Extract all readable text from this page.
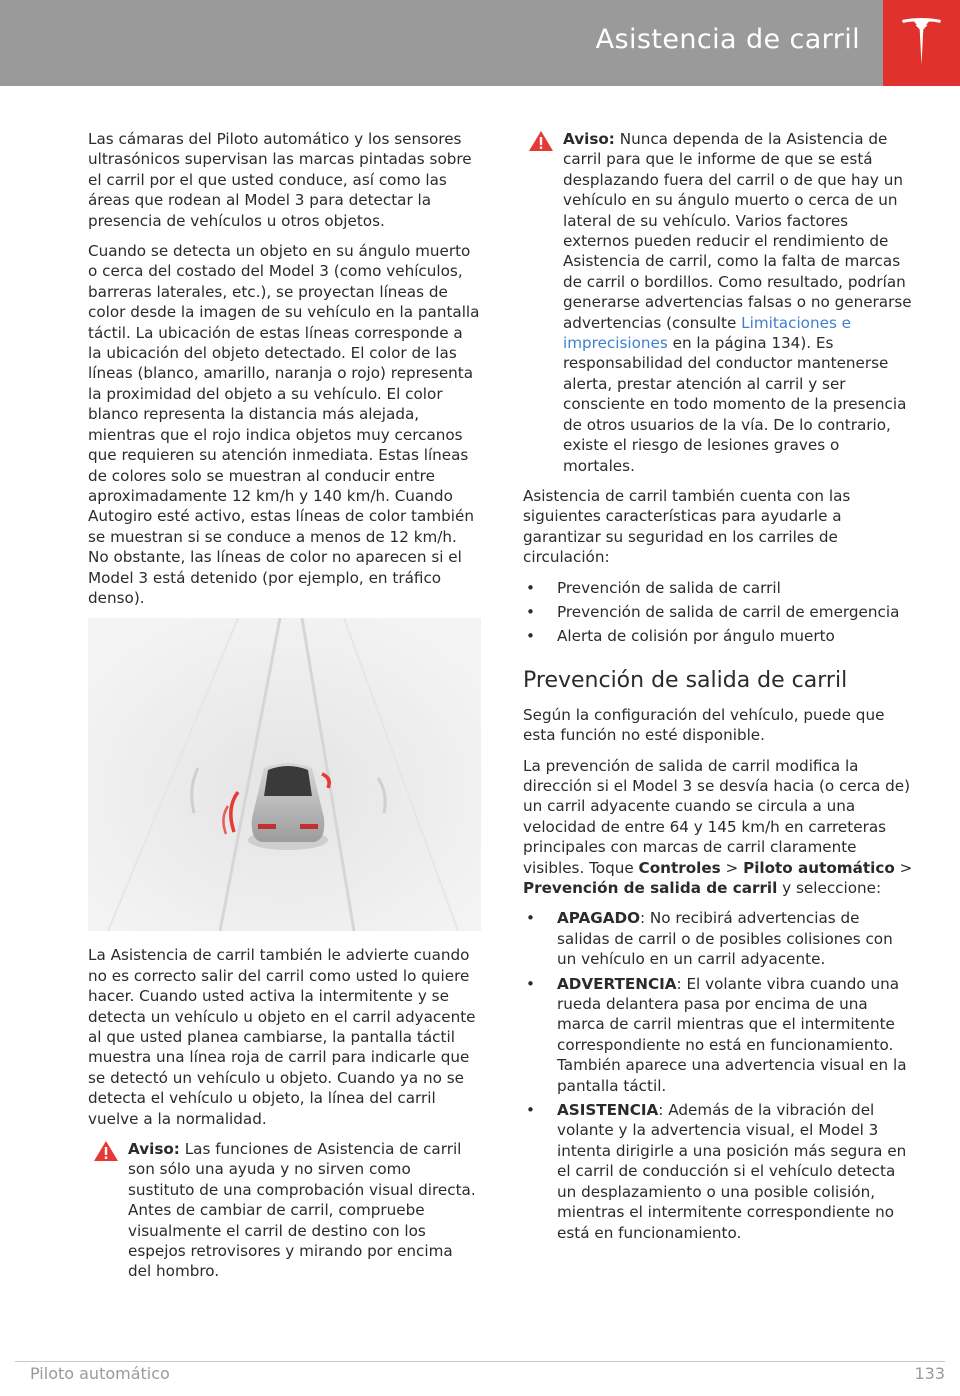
Asistencia de carril

Las cámaras del Piloto automático y los sensores ultrasónicos supervisan las marcas pintadas sobre el carril por el que usted conduce, así como las áreas que rodean al Model 3 para detectar la presencia de vehículos u otros objetos.

Cuando se detecta un objeto en su ángulo muerto o cerca del costado del Model 3 (como vehículos, barreras laterales, etc.), se proyectan líneas de color desde la imagen de su vehículo en la pantalla táctil. La ubicación de estas líneas corresponde a la ubicación del objeto detectado. El color de las líneas (blanco, amarillo, naranja o rojo) representa la proximidad del objeto a su vehículo. El color blanco representa la distancia más alejada, mientras que el rojo indica objetos muy cercanos que requieren su atención inmediata. Estas líneas de colores solo se muestran al conducir entre aproximadamente 12 km/h y 140 km/h. Cuando Autogiro esté activo, estas líneas de color también se muestran si se conduce a menos de 12 km/h. No obstante, las líneas de color no aparecen si el Model 3 está detenido (por ejemplo, en tráfico denso).

La Asistencia de carril también le advierte cuando no es correcto salir del carril como usted lo quiere hacer. Cuando usted activa la intermitente y se detecta un vehículo u objeto en el carril adyacente al que usted planea cambiarse, la pantalla táctil muestra una línea roja de carril para indicarle que se detectó un vehículo u objeto. Cuando ya no se detecta el vehículo u objeto, la línea del carril vuelve a la normalidad.

Aviso: Las funciones de Asistencia de carril son sólo una ayuda y no sirven como sustituto de una comprobación visual directa. Antes de cambiar de carril, compruebe visualmente el carril de destino con los espejos retrovisores y mirando por encima del hombro.
Aviso: Nunca dependa de la Asistencia de carril para que le informe de que se está desplazando fuera del carril o de que hay un vehículo en su ángulo muerto o cerca de un lateral de su vehículo. Varios factores externos pueden reducir el rendimiento de Asistencia de carril, como la falta de marcas de carril o bordillos. Como resultado, podrían generarse advertencias falsas o no generarse advertencias (consulte Limitaciones e imprecisiones en la página 134). Es responsabilidad del conductor mantenerse alerta, prestar atención al carril y ser consciente en todo momento de la presencia de otros usuarios de la vía. De lo contrario, existe el riesgo de lesiones graves o mortales.

Asistencia de carril también cuenta con las siguientes características para ayudarle a garantizar su seguridad en los carriles de circulación:

• Prevención de salida de carril
• Prevención de salida de carril de emergencia
• Alerta de colisión por ángulo muerto
Prevención de salida de carril

Según la configuración del vehículo, puede que esta función no esté disponible.

La prevención de salida de carril modifica la dirección si el Model 3 se desvía hacia (o cerca de) un carril adyacente cuando se circula a una velocidad de entre 64 y 145 km/h en carreteras principales con marcas de carril claramente visibles. Toque Controles > Piloto automático > Prevención de salida de carril y seleccione:

• APAGADO: No recibirá advertencias de salidas de carril o de posibles colisiones con un vehículo en un carril adyacente.
• ADVERTENCIA: El volante vibra cuando una rueda delantera pasa por encima de una marca de carril mientras que el intermitente correspondiente no está en funcionamiento. También aparece una advertencia visual en la pantalla táctil.
• ASISTENCIA: Además de la vibración del volante y la advertencia visual, el Model 3 intenta dirigirle a una posición más segura en el carril de conducción si el vehículo detecta un desplazamiento o una posible colisión, mientras el intermitente correspondiente no está en funcionamiento.
Piloto automático	133
